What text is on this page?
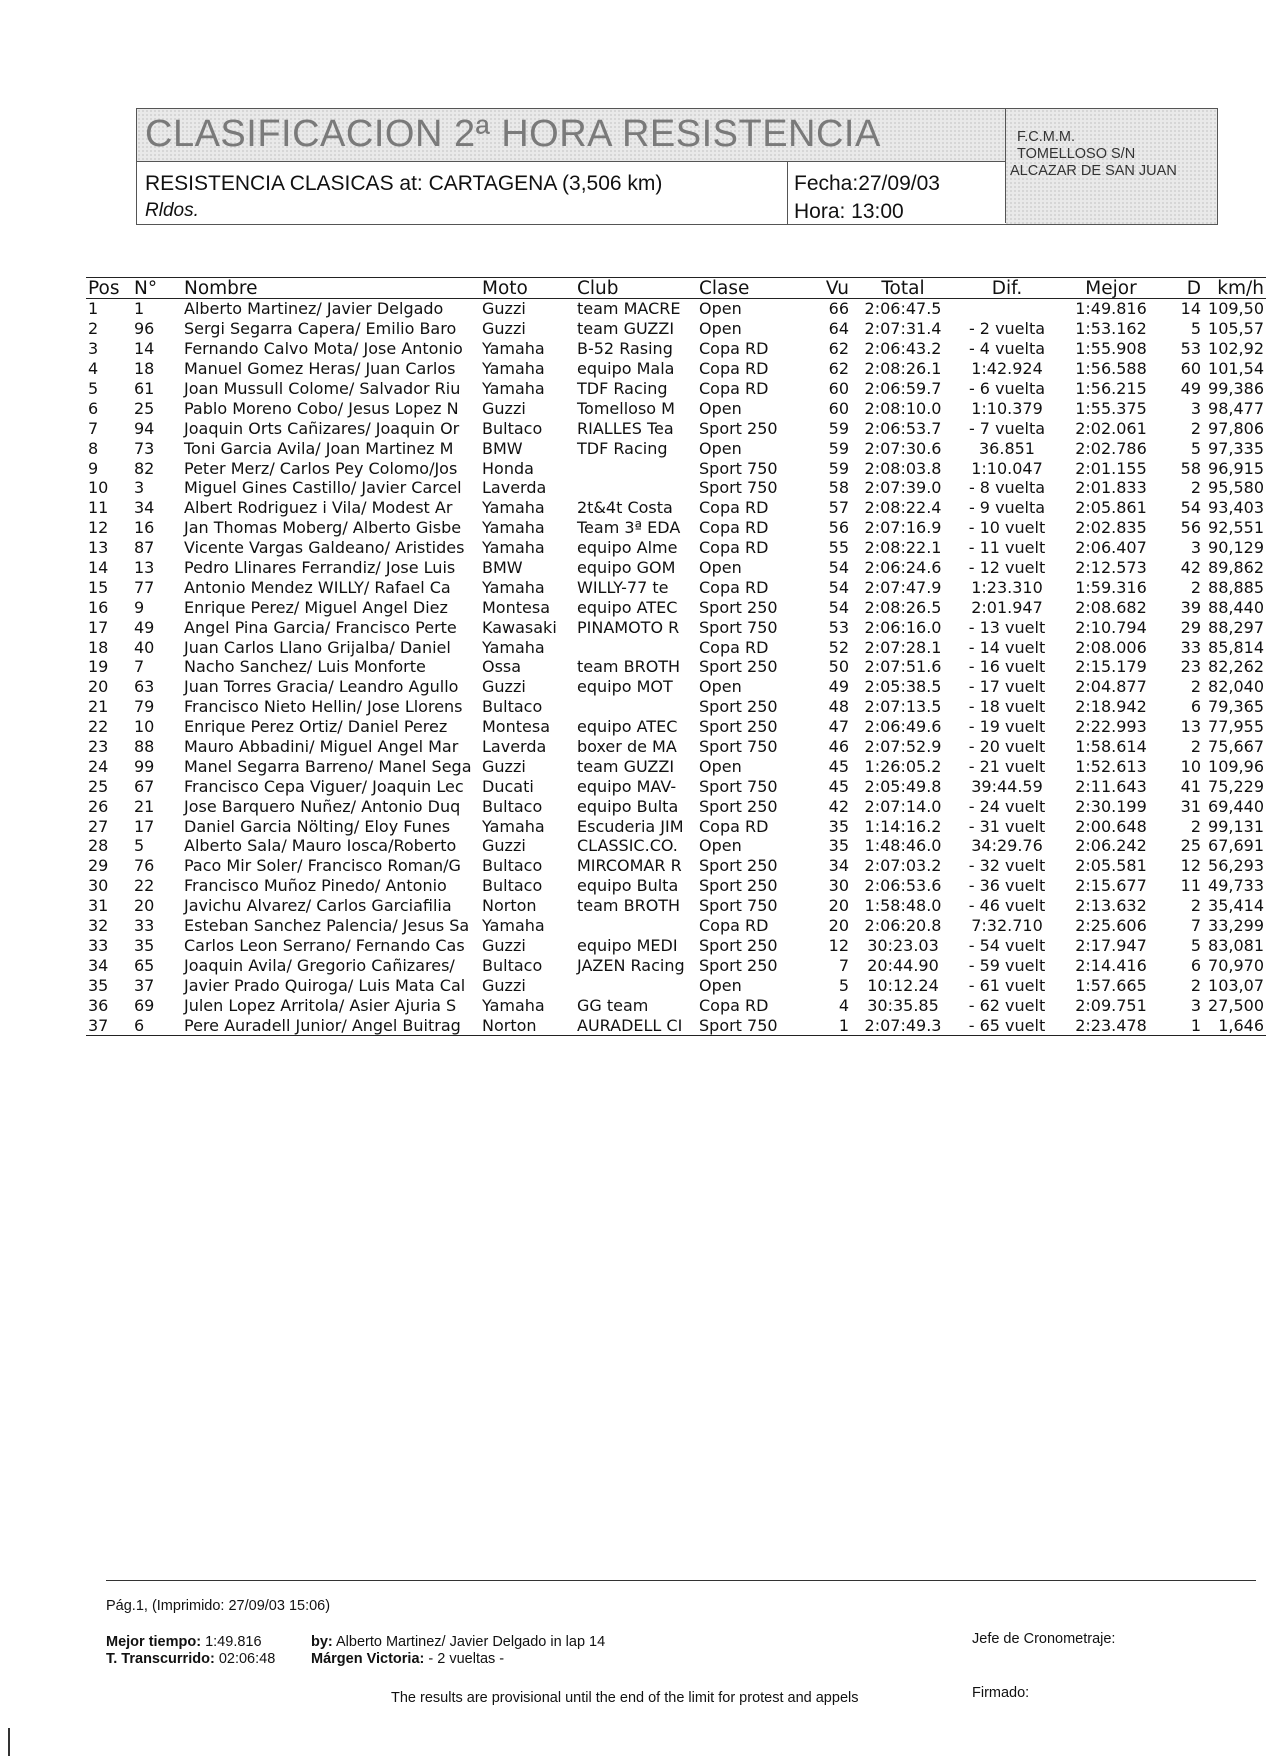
CLASIFICACION 2ª HORA RESISTENCIA
RESISTENCIA CLASICAS at: CARTAGENA (3,506 km)
Rldos.
Fecha:27/09/03
Hora: 13:00
F.C.M.M.
TOMELLOSO S/N
ALCAZAR DE SAN JUAN
Pos	N°	Nombre	Moto	Club	Clase	Vu	Total	Dif.	Mejor	D	km/h
1	1	Alberto Martinez/ Javier Delgado	Guzzi	team MACRE	Open	66	2:06:47.5		1:49.816	14	109,50
2	96	Sergi Segarra Capera/ Emilio Baro	Guzzi	team GUZZI	Open	64	2:07:31.4	- 2 vuelta	1:53.162	5	105,57
3	14	Fernando Calvo Mota/ Jose Antonio	Yamaha	B-52 Rasing	Copa RD	62	2:06:43.2	- 4 vuelta	1:55.908	53	102,92
4	18	Manuel Gomez Heras/ Juan Carlos	Yamaha	equipo Mala	Copa RD	62	2:08:26.1	1:42.924	1:56.588	60	101,54
5	61	Joan Mussull Colome/ Salvador Riu	Yamaha	TDF Racing	Copa RD	60	2:06:59.7	- 6 vuelta	1:56.215	49	99,386
6	25	Pablo Moreno Cobo/ Jesus Lopez N	Guzzi	Tomelloso M	Open	60	2:08:10.0	1:10.379	1:55.375	3	98,477
7	94	Joaquin Orts Cañizares/ Joaquin Or	Bultaco	RIALLES Tea	Sport 250	59	2:06:53.7	- 7 vuelta	2:02.061	2	97,806
8	73	Toni Garcia Avila/ Joan Martinez M	BMW	TDF Racing	Open	59	2:07:30.6	36.851	2:02.786	5	97,335
9	82	Peter Merz/ Carlos Pey Colomo/Jos	Honda		Sport 750	59	2:08:03.8	1:10.047	2:01.155	58	96,915
10	3	Miguel Gines Castillo/ Javier Carcel	Laverda		Sport 750	58	2:07:39.0	- 8 vuelta	2:01.833	2	95,580
11	34	Albert Rodriguez i Vila/ Modest Ar	Yamaha	2t&4t Costa	Copa RD	57	2:08:22.4	- 9 vuelta	2:05.861	54	93,403
12	16	Jan Thomas Moberg/ Alberto Gisbe	Yamaha	Team 3ª EDA	Copa RD	56	2:07:16.9	- 10 vuelt	2:02.835	56	92,551
13	87	Vicente Vargas Galdeano/ Aristides	Yamaha	equipo Alme	Copa RD	55	2:08:22.1	- 11 vuelt	2:06.407	3	90,129
14	13	Pedro Llinares Ferrandiz/ Jose Luis	BMW	equipo GOM	Open	54	2:06:24.6	- 12 vuelt	2:12.573	42	89,862
15	77	Antonio Mendez WILLY/ Rafael Ca	Yamaha	WILLY-77 te	Copa RD	54	2:07:47.9	1:23.310	1:59.316	2	88,885
16	9	Enrique Perez/ Miguel Angel Diez	Montesa	equipo ATEC	Sport 250	54	2:08:26.5	2:01.947	2:08.682	39	88,440
17	49	Angel Pina Garcia/ Francisco Perte	Kawasaki	PINAMOTO R	Sport 750	53	2:06:16.0	- 13 vuelt	2:10.794	29	88,297
18	40	Juan Carlos Llano Grijalba/ Daniel	Yamaha		Copa RD	52	2:07:28.1	- 14 vuelt	2:08.006	33	85,814
19	7	Nacho Sanchez/ Luis Monforte	Ossa	team BROTH	Sport 250	50	2:07:51.6	- 16 vuelt	2:15.179	23	82,262
20	63	Juan Torres Gracia/ Leandro Agullo	Guzzi	equipo MOT	Open	49	2:05:38.5	- 17 vuelt	2:04.877	2	82,040
21	79	Francisco Nieto Hellin/ Jose Llorens	Bultaco		Sport 250	48	2:07:13.5	- 18 vuelt	2:18.942	6	79,365
22	10	Enrique Perez Ortiz/ Daniel Perez	Montesa	equipo ATEC	Sport 250	47	2:06:49.6	- 19 vuelt	2:22.993	13	77,955
23	88	Mauro Abbadini/ Miguel Angel Mar	Laverda	boxer de MA	Sport 750	46	2:07:52.9	- 20 vuelt	1:58.614	2	75,667
24	99	Manel Segarra Barreno/ Manel Sega	Guzzi	team GUZZI	Open	45	1:26:05.2	- 21 vuelt	1:52.613	10	109,96
25	67	Francisco Cepa Viguer/ Joaquin Lec	Ducati	equipo MAV-	Sport 750	45	2:05:49.8	39:44.59	2:11.643	41	75,229
26	21	Jose Barquero Nuñez/ Antonio Duq	Bultaco	equipo Bulta	Sport 250	42	2:07:14.0	- 24 vuelt	2:30.199	31	69,440
27	17	Daniel Garcia Nölting/ Eloy Funes	Yamaha	Escuderia JIM	Copa RD	35	1:14:16.2	- 31 vuelt	2:00.648	2	99,131
28	5	Alberto Sala/ Mauro Iosca/Roberto	Guzzi	CLASSIC.CO.	Open	35	1:48:46.0	34:29.76	2:06.242	25	67,691
29	76	Paco Mir Soler/ Francisco Roman/G	Bultaco	MIRCOMAR R	Sport 250	34	2:07:03.2	- 32 vuelt	2:05.581	12	56,293
30	22	Francisco Muñoz Pinedo/ Antonio	Bultaco	equipo Bulta	Sport 250	30	2:06:53.6	- 36 vuelt	2:15.677	11	49,733
31	20	Javichu Alvarez/ Carlos Garciafilia	Norton	team BROTH	Sport 750	20	1:58:48.0	- 46 vuelt	2:13.632	2	35,414
32	33	Esteban Sanchez Palencia/ Jesus Sa	Yamaha		Copa RD	20	2:06:20.8	7:32.710	2:25.606	7	33,299
33	35	Carlos Leon Serrano/ Fernando Cas	Guzzi	equipo MEDI	Sport 250	12	30:23.03	- 54 vuelt	2:17.947	5	83,081
34	65	Joaquin Avila/ Gregorio Cañizares/	Bultaco	JAZEN Racing	Sport 250	7	20:44.90	- 59 vuelt	2:14.416	6	70,970
35	37	Javier Prado Quiroga/ Luis Mata Cal	Guzzi		Open	5	10:12.24	- 61 vuelt	1:57.665	2	103,07
36	69	Julen Lopez Arritola/ Asier Ajuria S	Yamaha	GG team	Copa RD	4	30:35.85	- 62 vuelt	2:09.751	3	27,500
37	6	Pere Auradell Junior/ Angel Buitrag	Norton	AURADELL CI	Sport 750	1	2:07:49.3	- 65 vuelt	2:23.478	1	1,646
Pág.1, (Imprimido: 27/09/03 15:06)
Mejor tiempo: 1:49.816	by: Alberto Martinez/ Javier Delgado in lap 14
T. Transcurrido: 02:06:48 Márgen Victoria: - 2 vueltas -
Jefe de Cronometraje:
Firmado:
The results are provisional until the end of the limit for protest and appels
